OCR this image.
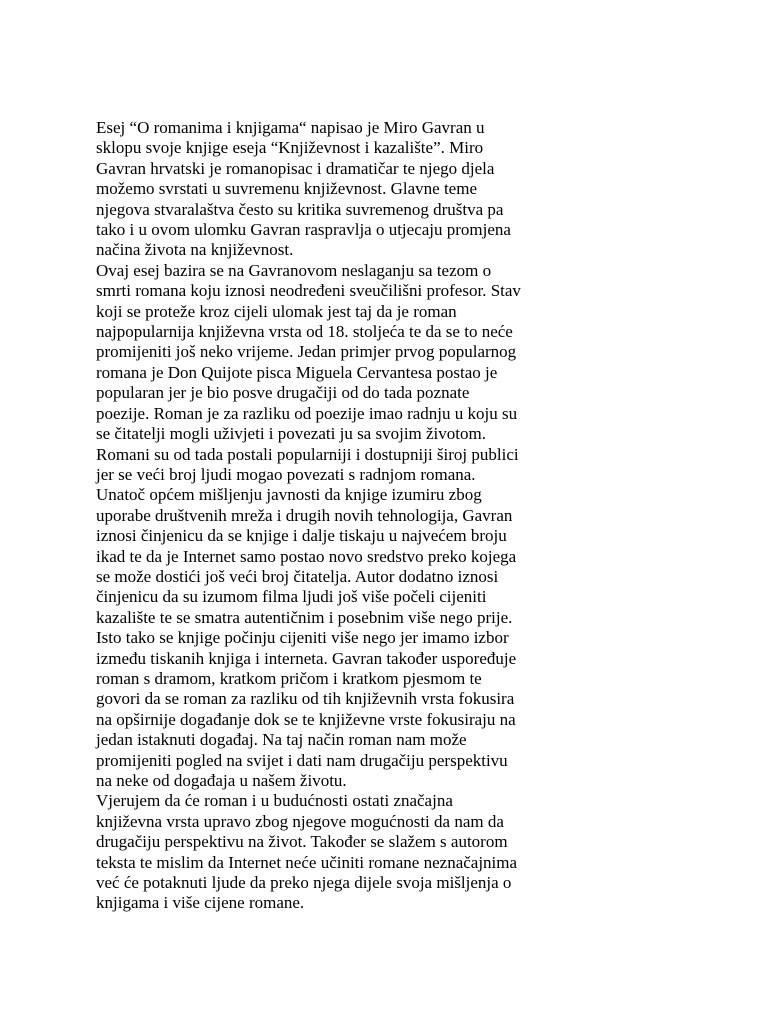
Esej “O romanima i knjigama“ napisao je Miro Gavran u
sklopu svoje knjige eseja “Književnost i kazalište”. Miro
Gavran hrvatski je romanopisac i dramatičar te njego djela
možemo svrstati u suvremenu književnost. Glavne teme
njegova stvaralaštva često su kritika suvremenog društva pa
tako i u ovom ulomku Gavran raspravlja o utjecaju promjena
načina života na književnost.

Ovaj esej bazira se na Gavranovom neslaganju sa tezom o
smrti romana koju iznosi neodređeni sveučilišni profesor. Stav
koji se proteže kroz cijeli ulomak jest taj da je roman
najpopularnija književna vrsta od 18. stoljeća te da se to neće
promijeniti još neko vrijeme. Jedan primjer prvog popularnog
romana je Don Quijote pisca Miguela Cervantesa postao je
popularan jer je bio posve drugačiji od do tada poznate
poezije. Roman je za razliku od poezije imao radnju u koju su
se čitatelji mogli uživjeti i povezati ju sa svojim životom.
Romani su od tada postali popularniji i dostupniji široj publici
jer se veći broj ljudi mogao povezati s radnjom romana.
Unatoč općem mišljenju javnosti da knjige izumiru zbog
uporabe društvenih mreža i drugih novih tehnologija, Gavran
iznosi činjenicu da se knjige i dalje tiskaju u najvećem broju
ikad te da je Internet samo postao novo sredstvo preko kojega
se može dostići još veći broj čitatelja. Autor dodatno iznosi
činjenicu da su izumom filma ljudi još više počeli cijeniti
kazalište te se smatra autentičnim i posebnim više nego prije.
Isto tako se knjige počinju cijeniti više nego jer imamo izbor
između tiskanih knjiga i interneta. Gavran također uspoređuje
roman s dramom, kratkom pričom i kratkom pjesmom te
govori da se roman za razliku od tih književnih vrsta fokusira
na opširnije događanje dok se te književne vrste fokusiraju na
jedan istaknuti događaj. Na taj način roman nam može
promijeniti pogled na svijet i dati nam drugačiju perspektivu
na neke od događaja u našem životu.

Vjerujem da će roman i u budućnosti ostati značajna
književna vrsta upravo zbog njegove mogućnosti da nam da
drugačiju perspektivu na život. Također se slažem s autorom
teksta te mislim da Internet neće učiniti romane neznačajnima
već će potaknuti ljude da preko njega dijele svoja mišljenja o
knjigama i više cijene romane.
